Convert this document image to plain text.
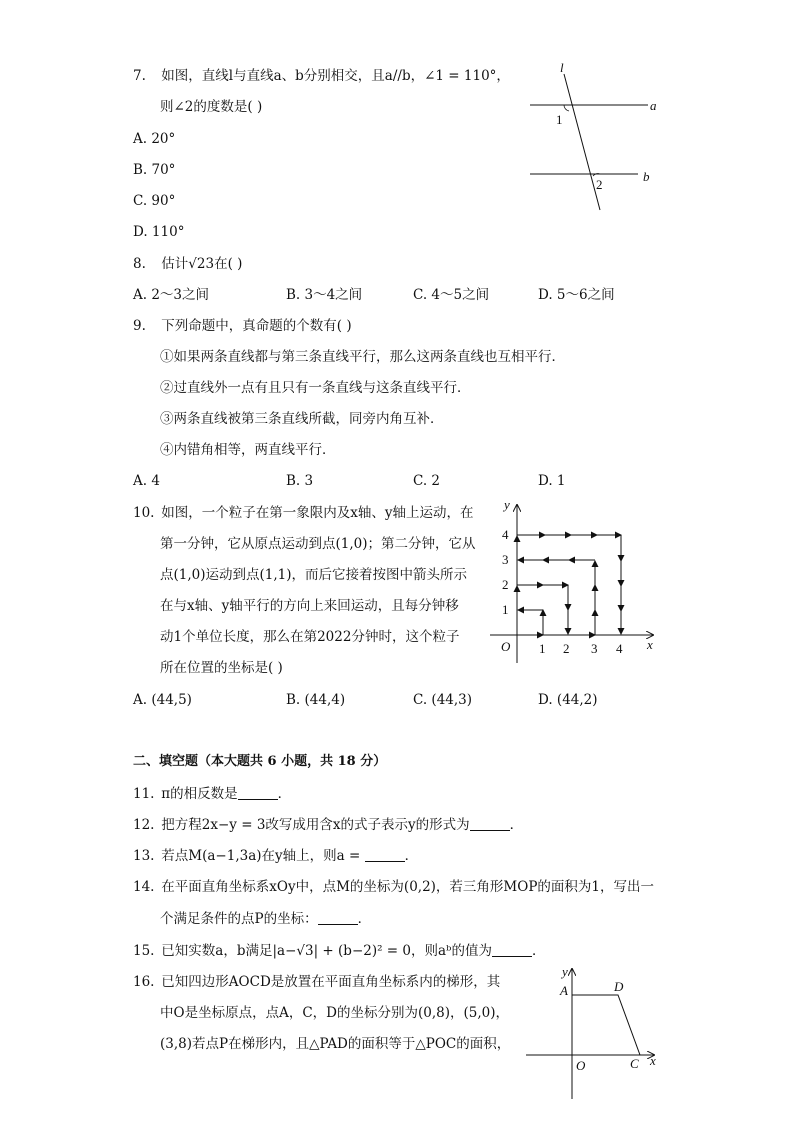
7. 如图，直线l与直线a、b分别相交，且a//b，∠1 = 110°，
则∠2的度数是( )
A. 20°
B. 70°
C. 90°
D. 110°
l
a
b
1
2
8. 估计√23在( )
A. 2～3之间	B. 3～4之间	C. 4～5之间	D. 5～6之间
9. 下列命题中，真命题的个数有( )
①如果两条直线都与第三条直线平行，那么这两条直线也互相平行．
②过直线外一点有且只有一条直线与这条直线平行．
③两条直线被第三条直线所截，同旁内角互补．
④内错角相等，两直线平行．
A. 4	B. 3	C. 2	D. 1
10. 如图，一个粒子在第一象限内及x轴、y轴上运动，在
第一分钟，它从原点运动到点(1,0)；第二分钟，它从
点(1,0)运动到点(1,1)，而后它接着按图中箭头所示
在与x轴、y轴平行的方向上来回运动，且每分钟移
动1个单位长度，那么在第2022分钟时，这个粒子
所在位置的坐标是( )
A. (44,5)	B. (44,4)	C. (44,3)	D. (44,2)
x
y
O 1 2 3 4
1
2
3
4
二、填空题（本大题共 6 小题，共 18 分）
11. π的相反数是	．
12. 把方程2x−y = 3改写成用含x的式子表示y的形式为	．
13. 若点M(a−1,3a)在y轴上，则a =	．
14. 在平面直角坐标系xOy中，点M的坐标为(0,2)，若三角形MOP的面积为1，写出一
个满足条件的点P的坐标：	．
15. 已知实数a，b满足|a−√3| + (b−2)² = 0，则aᵇ的值为	．
16. 已知四边形AOCD是放置在平面直角坐标系内的梯形，其
中O是坐标原点，点A，C，D的坐标分别为(0,8)，(5,0)，
(3,8)若点P在梯形内，且△PAD的面积等于△POC的面积，
y
A	D
O	C x
